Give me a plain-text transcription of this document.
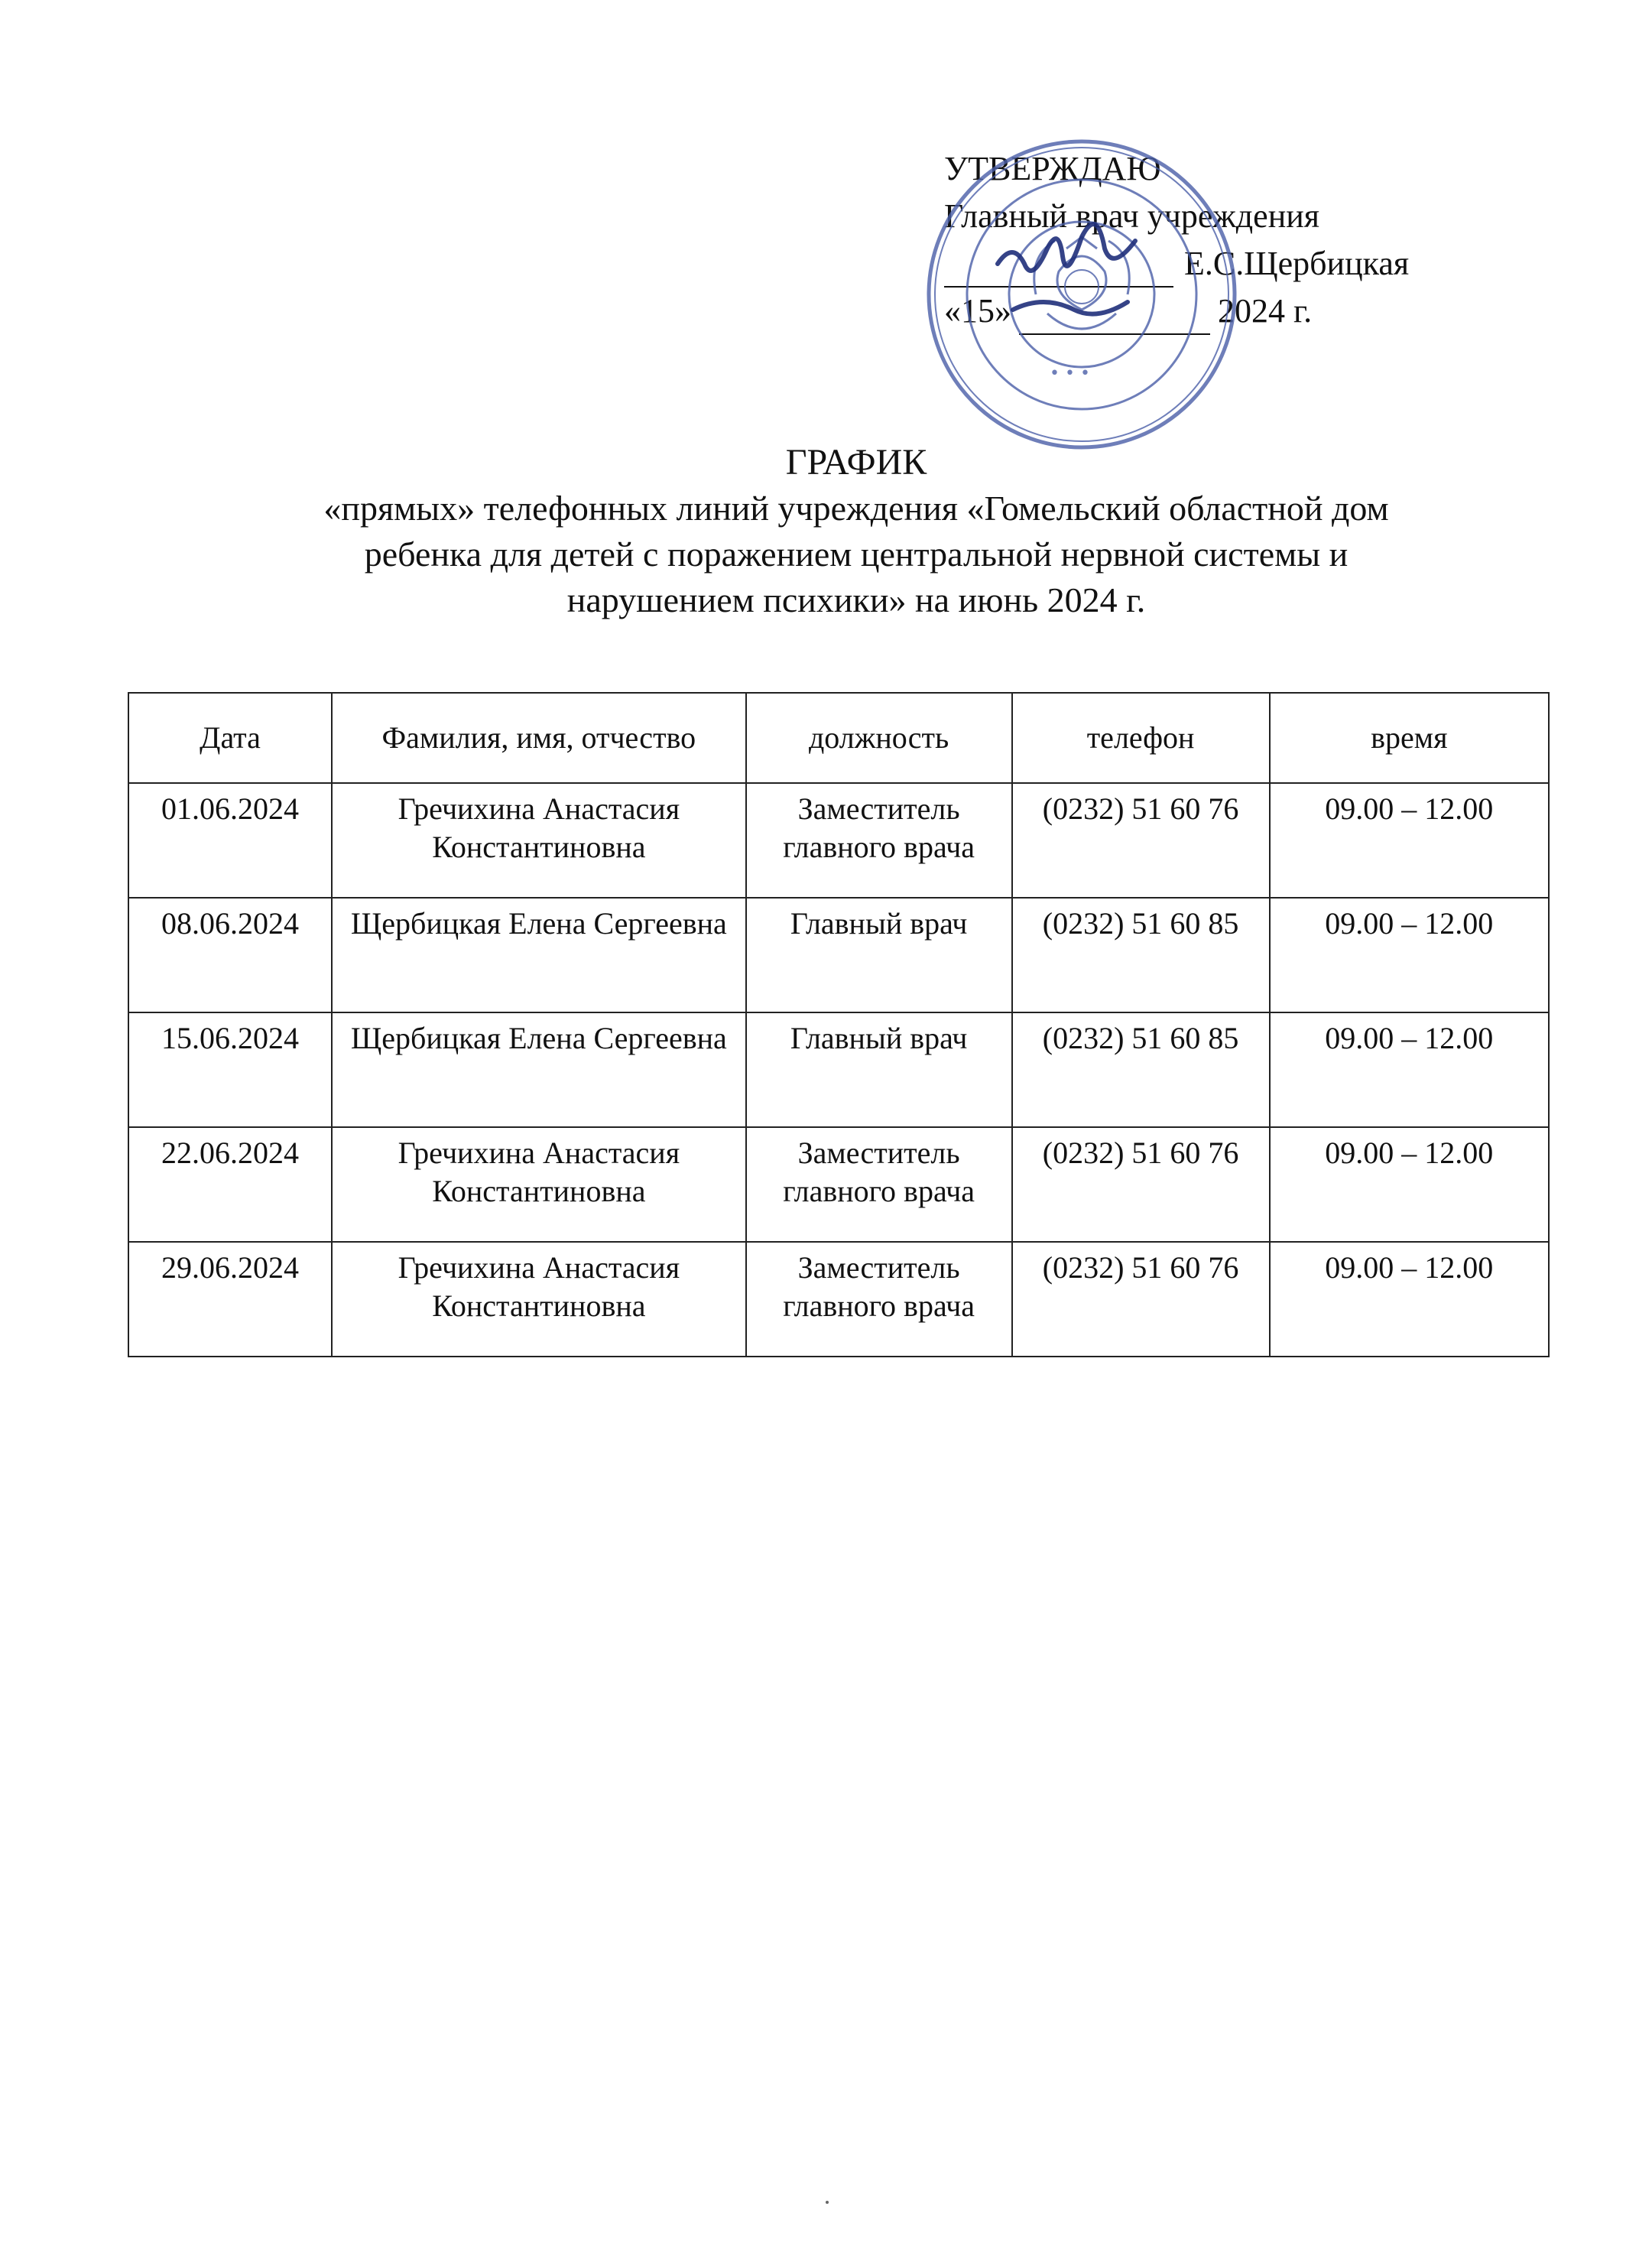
УТВЕРЖДАЮ
Главный врач учреждения
Е.С.Щербицкая
«15»	2024 г.
• • •
ГРАФИК
«прямых» телефонных линий учреждения «Гомельский областной дом
ребенка для детей с поражением центральной нервной системы и
нарушением психики» на июнь 2024 г.
Дата	Фамилия, имя, отчество	должность	телефон	время
01.06.2024	Гречихина Анастасия Константиновна	Заместитель главного врача	(0232) 51 60 76	09.00 – 12.00
08.06.2024	Щербицкая Елена Сергеевна	Главный врач	(0232) 51 60 85	09.00 – 12.00
15.06.2024	Щербицкая Елена Сергеевна	Главный врач	(0232) 51 60 85	09.00 – 12.00
22.06.2024	Гречихина Анастасия Константиновна	Заместитель главного врача	(0232) 51 60 76	09.00 – 12.00
29.06.2024	Гречихина Анастасия Константиновна	Заместитель главного врача	(0232) 51 60 76	09.00 – 12.00
